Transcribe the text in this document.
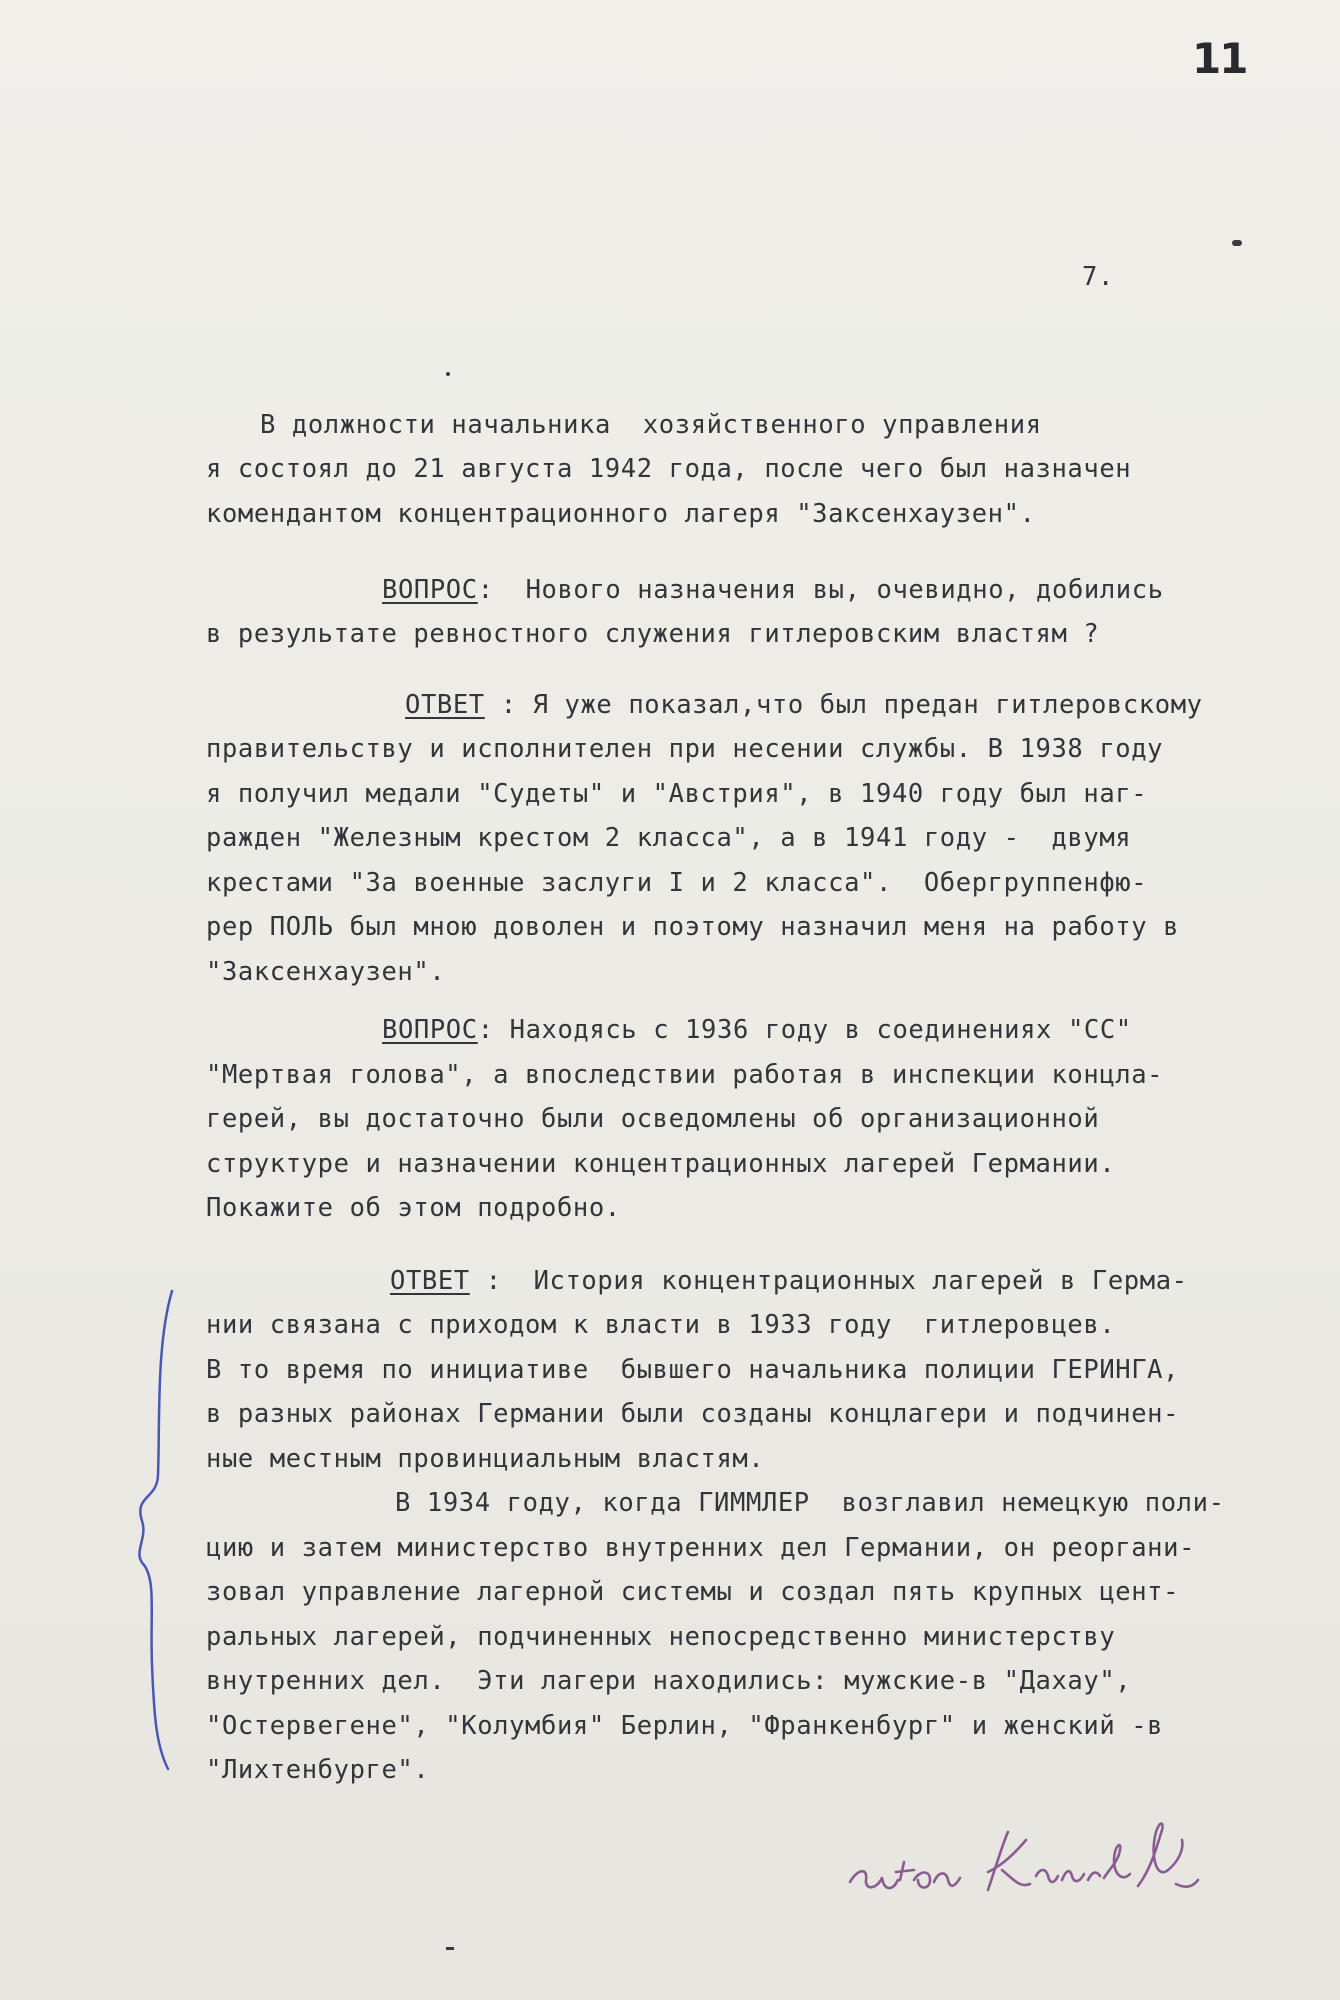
11
7.
В должности начальника  хозяйственного управления
я состоял до 21 августа 1942 года, после чего был назначен
комендантом концентрационного лагеря "Заксенхаузен".
ВОПРОС:  Нового назначения вы, очевидно, добились
в результате ревностного служения гитлеровским властям ?
ОТВЕТ : Я уже показал,что был предан гитлеровскому
правительству и исполнителен при несении службы. В 1938 году
я получил медали "Судеты" и "Австрия", в 1940 году был наг-
ражден "Железным крестом 2 класса", а в 1941 году -  двумя
крестами "За военные заслуги I и 2 класса".  Обергруппенфю-
рер ПОЛЬ был мною доволен и поэтому назначил меня на работу в
"Заксенхаузен".
ВОПРОС: Находясь с 1936 году в соединениях "СС"
"Мертвая голова", а впоследствии работая в инспекции концла-
герей, вы достаточно были осведомлены об организационной
структуре и назначении концентрационных лагерей Германии.
Покажите об этом подробно.
ОТВЕТ :  История концентрационных лагерей в Герма-
нии связана с приходом к власти в 1933 году  гитлеровцев.
В то время по инициативе  бывшего начальника полиции ГЕРИНГА,
в разных районах Германии были созданы концлагери и подчинен-
ные местным провинциальным властям.
В 1934 году, когда ГИММЛЕР  возглавил немецкую поли-
цию и затем министерство внутренних дел Германии, он реоргани-
зовал управление лагерной системы и создал пять крупных цент-
ральных лагерей, подчиненных непосредственно министерству
внутренних дел.  Эти лагери находились: мужские-в "Дахау",
"Остервегене", "Колумбия" Берлин, "Франкенбург" и женский -в
"Лихтенбурге".
